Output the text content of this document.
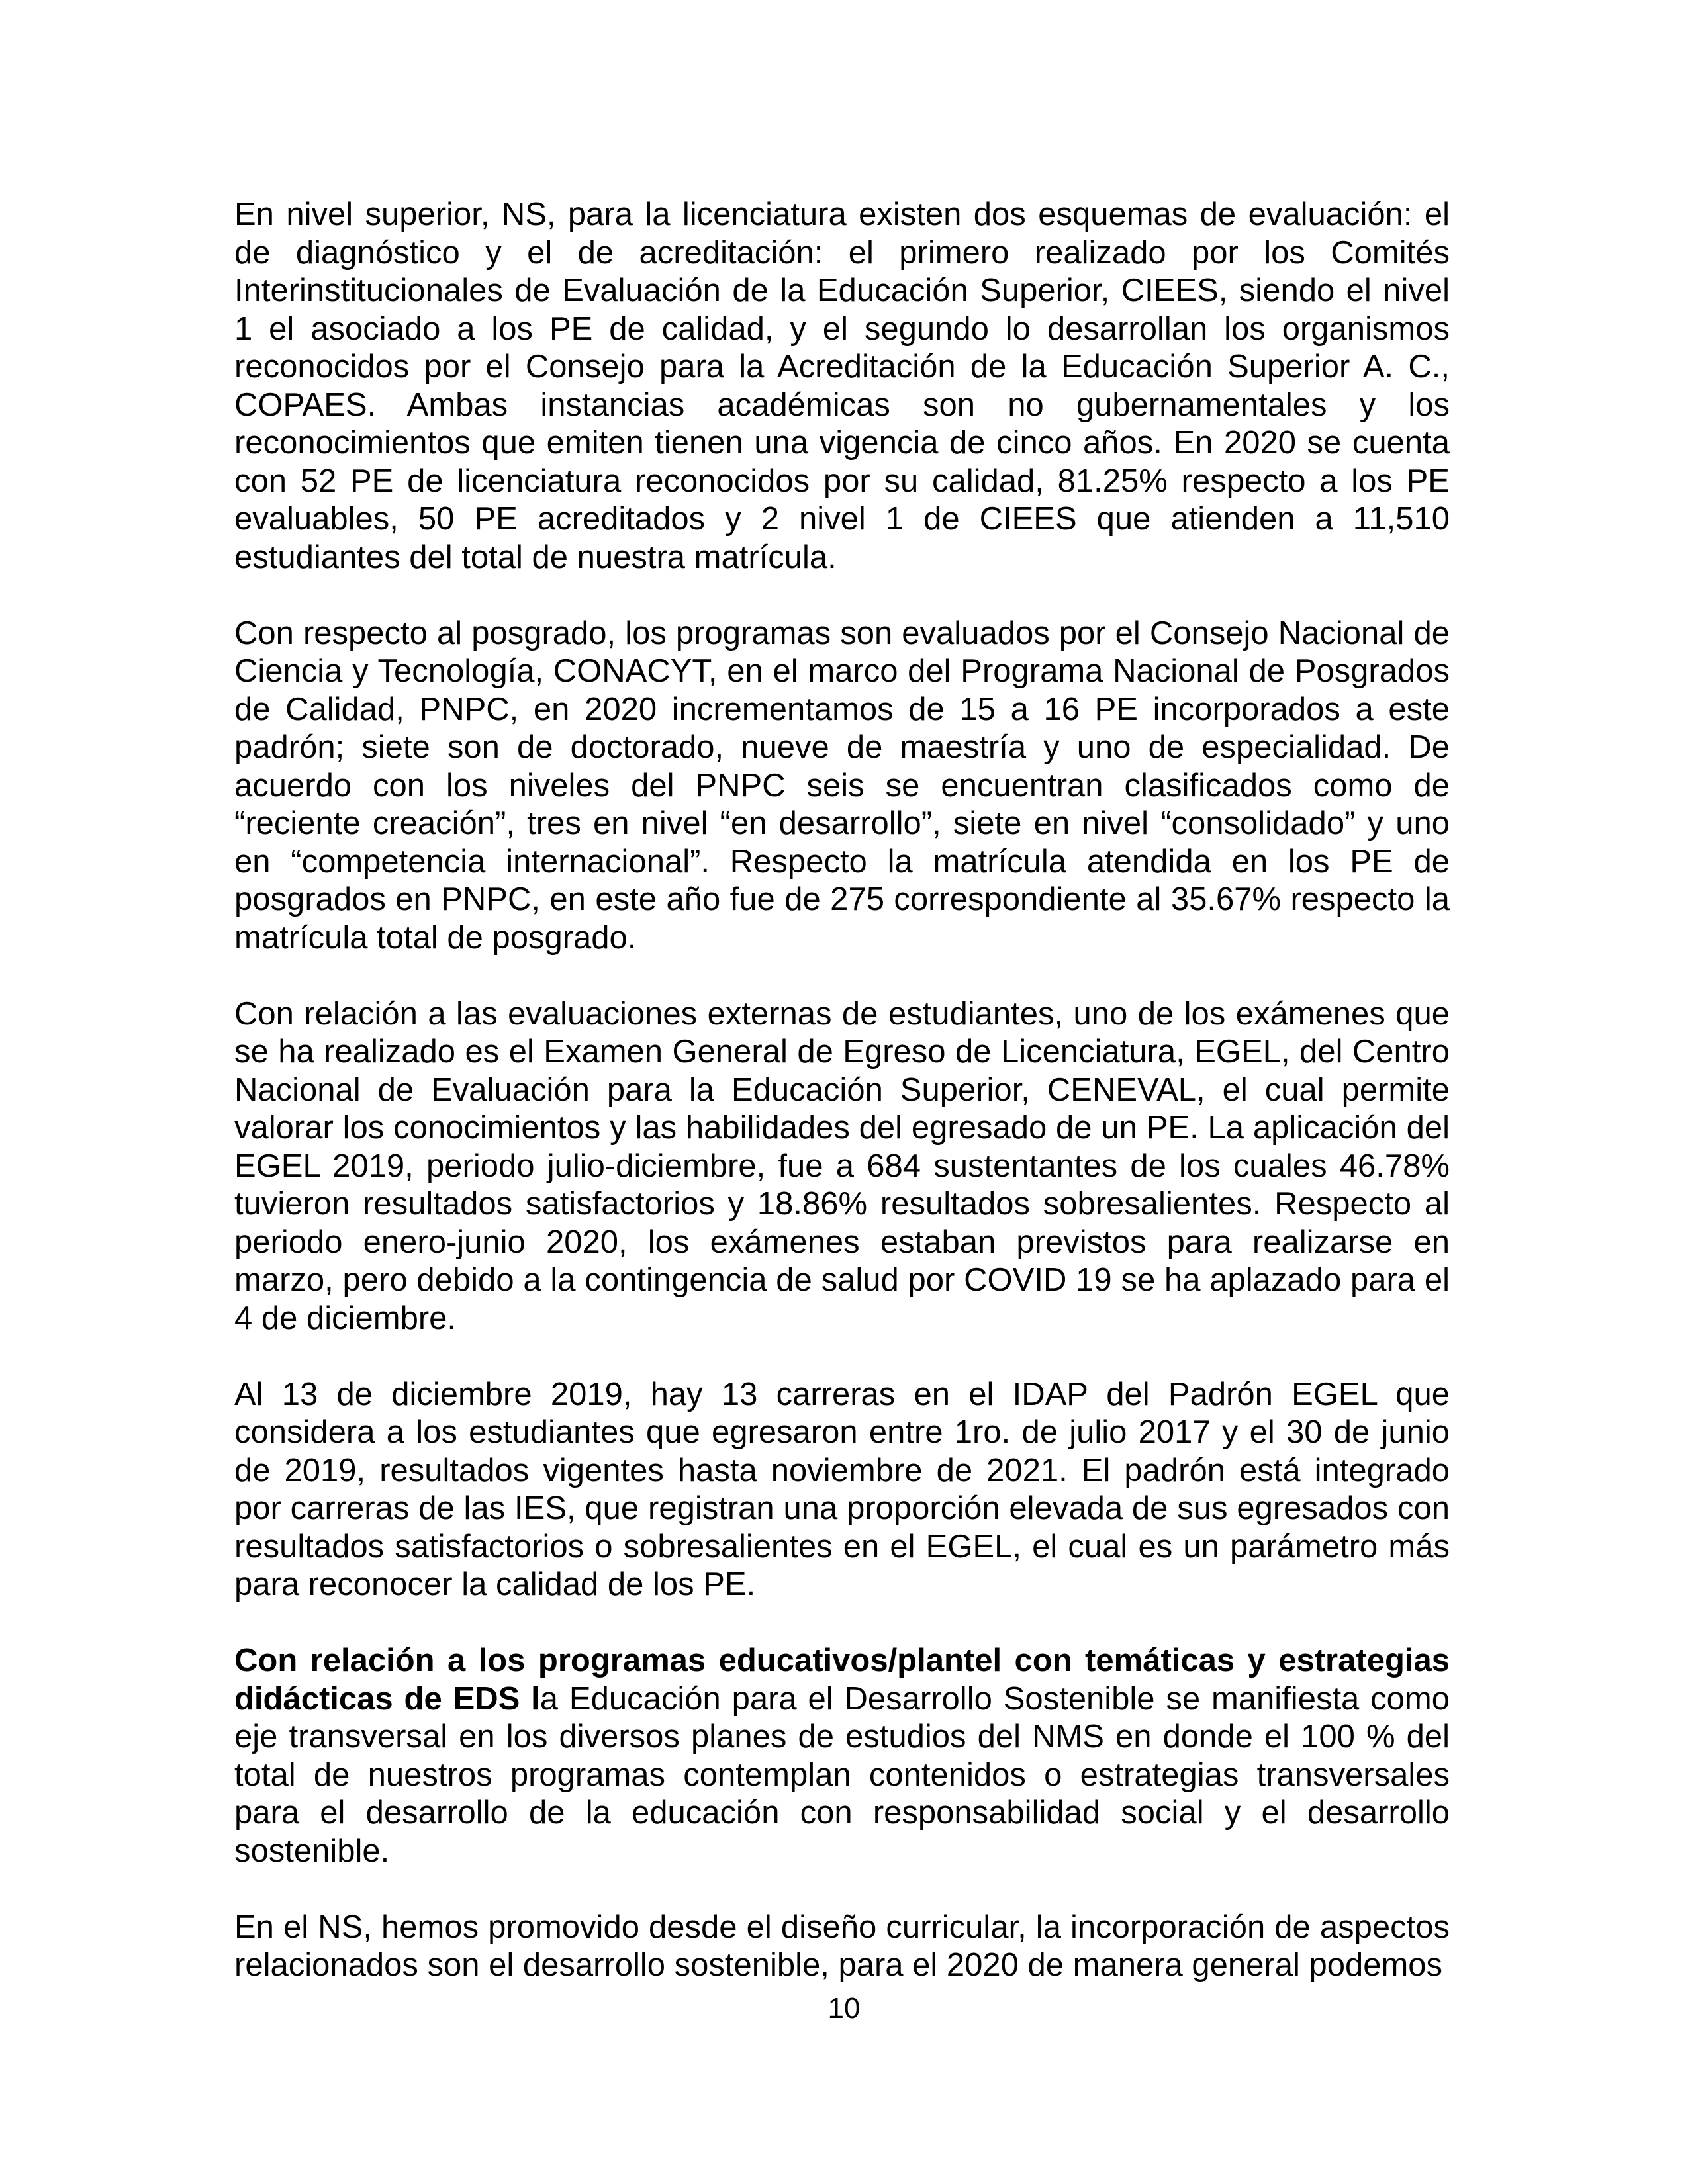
En nivel superior, NS, para la licenciatura existen dos esquemas de evaluación: el de diagnóstico y el de acreditación: el primero realizado por los Comités Interinstitucionales de Evaluación de la Educación Superior, CIEES, siendo el nivel 1 el asociado a los PE de calidad, y el segundo lo desarrollan los organismos reconocidos por el Consejo para la Acreditación de la Educación Superior A. C., COPAES. Ambas instancias académicas son no gubernamentales y los reconocimientos que emiten tienen una vigencia de cinco años. En 2020 se cuenta con 52 PE de licenciatura reconocidos por su calidad, 81.25% respecto a los PE evaluables, 50 PE acreditados y 2 nivel 1 de CIEES que atienden a 11,510 estudiantes del total de nuestra matrícula.

Con respecto al posgrado, los programas son evaluados por el Consejo Nacional de Ciencia y Tecnología, CONACYT, en el marco del Programa Nacional de Posgrados de Calidad, PNPC, en 2020 incrementamos de 15 a 16 PE incorporados a este padrón; siete son de doctorado, nueve de maestría y uno de especialidad. De acuerdo con los niveles del PNPC seis se encuentran clasificados como de “reciente creación”, tres en nivel “en desarrollo”, siete en nivel “consolidado” y uno en “competencia internacional”. Respecto la matrícula atendida en los PE de posgrados en PNPC, en este año fue de 275 correspondiente al 35.67% respecto la matrícula total de posgrado.

Con relación a las evaluaciones externas de estudiantes, uno de los exámenes que se ha realizado es el Examen General de Egreso de Licenciatura, EGEL, del Centro Nacional de Evaluación para la Educación Superior, CENEVAL, el cual permite valorar los conocimientos y las habilidades del egresado de un PE. La aplicación del EGEL 2019, periodo julio-diciembre, fue a 684 sustentantes de los cuales 46.78% tuvieron resultados satisfactorios y 18.86% resultados sobresalientes. Respecto al periodo enero-junio 2020, los exámenes estaban previstos para realizarse en marzo, pero debido a la contingencia de salud por COVID 19 se ha aplazado para el 4 de diciembre.

Al 13 de diciembre 2019, hay 13 carreras en el IDAP del Padrón EGEL que considera a los estudiantes que egresaron entre 1ro. de julio 2017 y el 30 de junio de 2019, resultados vigentes hasta noviembre de 2021. El padrón está integrado por carreras de las IES, que registran una proporción elevada de sus egresados con resultados satisfactorios o sobresalientes en el EGEL, el cual es un parámetro más para reconocer la calidad de los PE.

Con relación a los programas educativos/plantel con temáticas y estrategias didácticas de EDS la Educación para el Desarrollo Sostenible se manifiesta como eje transversal en los diversos planes de estudios del NMS en donde el 100 % del total de nuestros programas contemplan contenidos o estrategias transversales para el desarrollo de la educación con responsabilidad social y el desarrollo sostenible.

En el NS, hemos promovido desde el diseño curricular, la incorporación de aspectos relacionados son el desarrollo sostenible, para el 2020 de manera general podemos

10
